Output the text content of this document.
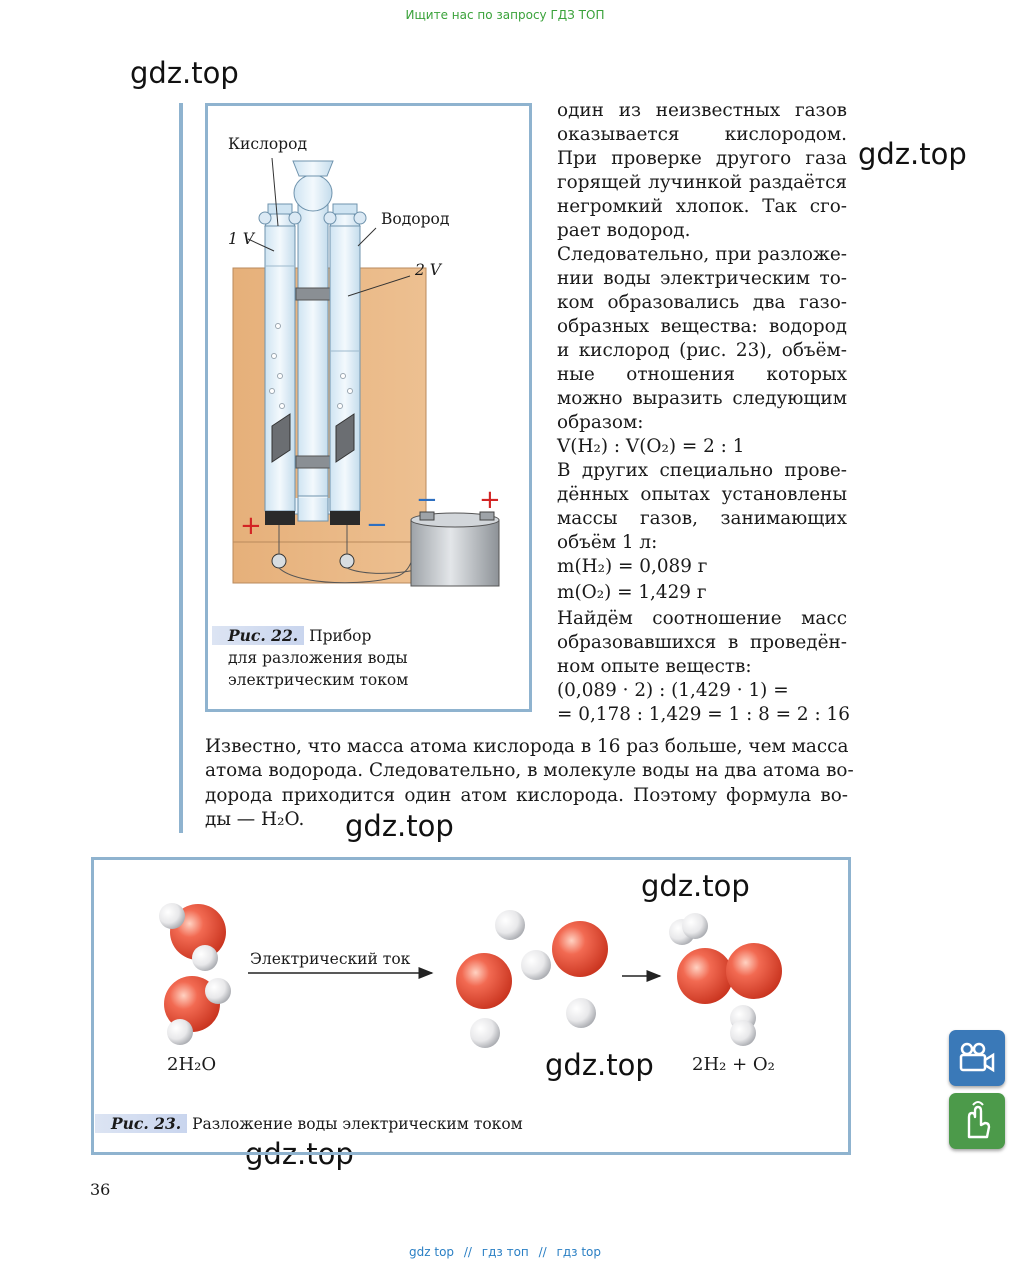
Ищите нас по запросу ГДЗ ТОП
gdz.top
gdz.top
gdz.top
gdz.top
gdz.top
gdz.top
Кислород
Водород
1 V
2 V
+	−
− +
Рис. 22. Прибор
для разложения воды
электрическим током
один из неизвестных газов
оказывается кислородом.
При проверке другого газа
горящей лучинкой раздаётся
негромкий хлопок. Так сго-
рает водород.
Следовательно, при разложе-
нии воды электрическим то-
ком образовались два газо-
образных вещества: водород
и кислород (рис. 23), объём-
ные отношения которых
можно выразить следующим
образом:
V(H₂) : V(O₂) = 2 : 1
В других специально прове-
дённых опытах установлены
массы газов, занимающих
объём 1 л:
m(H₂) = 0,089 г
m(O₂) = 1,429 г
Найдём соотношение масс
образовавшихся в проведён-
ном опыте веществ:
(0,089 · 2) : (1,429 · 1) =
= 0,178 : 1,429 = 1 : 8 = 2 : 16
Известно, что масса атома кислорода в 16 раз больше, чем масса
атома водорода. Следовательно, в молекуле воды на два атома во-
дорода приходится один атом кислорода. Поэтому формула во-
ды — H₂O.
Электрический ток
2H₂O	2H₂ + O₂
Рис. 23. Разложение воды электрическим током
36
gdz top // гдз топ // гдз top
